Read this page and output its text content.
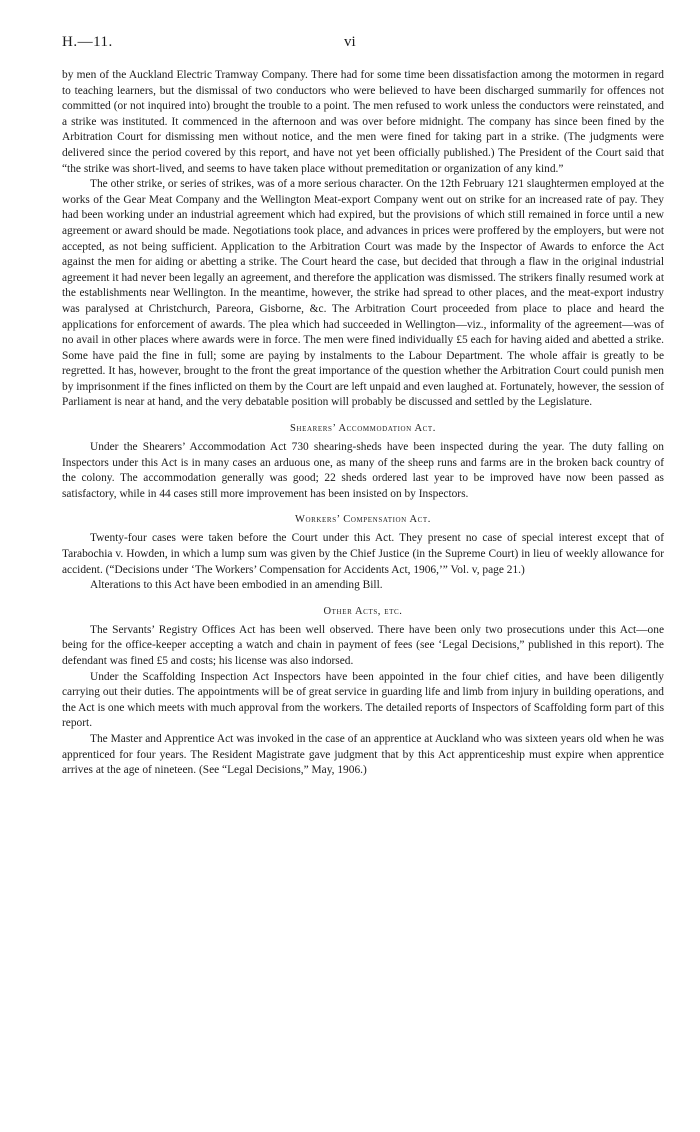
H.—11.	vi

by men of the Auckland Electric Tramway Company. There had for some time been dissatisfaction among the motormen in regard to teaching learners, but the dismissal of two conductors who were believed to have been discharged summarily for offences not committed (or not inquired into) brought the trouble to a point. The men refused to work unless the conductors were reinstated, and a strike was instituted. It commenced in the afternoon and was over before midnight. The company has since been fined by the Arbitration Court for dismissing men without notice, and the men were fined for taking part in a strike. (The judgments were delivered since the period covered by this report, and have not yet been officially published.) The President of the Court said that “the strike was short-lived, and seems to have taken place without premeditation or organization of any kind.”

The other strike, or series of strikes, was of a more serious character. On the 12th February 121 slaughtermen employed at the works of the Gear Meat Company and the Wellington Meat-export Company went out on strike for an increased rate of pay. They had been working under an industrial agreement which had expired, but the provisions of which still remained in force until a new agreement or award should be made. Negotiations took place, and advances in prices were proffered by the employers, but were not accepted, as not being sufficient. Application to the Arbitration Court was made by the Inspector of Awards to enforce the Act against the men for aiding or abetting a strike. The Court heard the case, but decided that through a flaw in the original industrial agreement it had never been legally an agreement, and therefore the application was dismissed. The strikers finally resumed work at the establishments near Wellington. In the meantime, however, the strike had spread to other places, and the meat-export industry was paralysed at Christchurch, Pareora, Gisborne, &c. The Arbitration Court proceeded from place to place and heard the applications for enforcement of awards. The plea which had succeeded in Wellington—viz., informality of the agreement—was of no avail in other places where awards were in force. The men were fined individually £5 each for having aided and abetted a strike. Some have paid the fine in full; some are paying by instalments to the Labour Department. The whole affair is greatly to be regretted. It has, however, brought to the front the great importance of the question whether the Arbitration Court could punish men by imprisonment if the fines inflicted on them by the Court are left unpaid and even laughed at. Fortunately, however, the session of Parliament is near at hand, and the very debatable position will probably be discussed and settled by the Legislature.

Shearers’ Accommodation Act.

Under the Shearers’ Accommodation Act 730 shearing-sheds have been inspected during the year. The duty falling on Inspectors under this Act is in many cases an arduous one, as many of the sheep runs and farms are in the broken back country of the colony. The accommodation generally was good; 22 sheds ordered last year to be improved have now been passed as satisfactory, while in 44 cases still more improvement has been insisted on by Inspectors.

Workers’ Compensation Act.

Twenty-four cases were taken before the Court under this Act. They present no case of special interest except that of Tarabochia v. Howden, in which a lump sum was given by the Chief Justice (in the Supreme Court) in lieu of weekly allowance for accident. (“Decisions under ‘The Workers’ Compensation for Accidents Act, 1906,’” Vol. v, page 21.)

Alterations to this Act have been embodied in an amending Bill.

Other Acts, etc.

The Servants’ Registry Offices Act has been well observed. There have been only two prosecutions under this Act—one being for the office-keeper accepting a watch and chain in payment of fees (see ‘Legal Decisions,” published in this report). The defendant was fined £5 and costs; his license was also indorsed.

Under the Scaffolding Inspection Act Inspectors have been appointed in the four chief cities, and have been diligently carrying out their duties. The appointments will be of great service in guarding life and limb from injury in building operations, and the Act is one which meets with much approval from the workers. The detailed reports of Inspectors of Scaffolding form part of this report.

The Master and Apprentice Act was invoked in the case of an apprentice at Auckland who was sixteen years old when he was apprenticed for four years. The Resident Magistrate gave judgment that by this Act apprenticeship must expire when apprentice arrives at the age of nineteen. (See “Legal Decisions,” May, 1906.)
